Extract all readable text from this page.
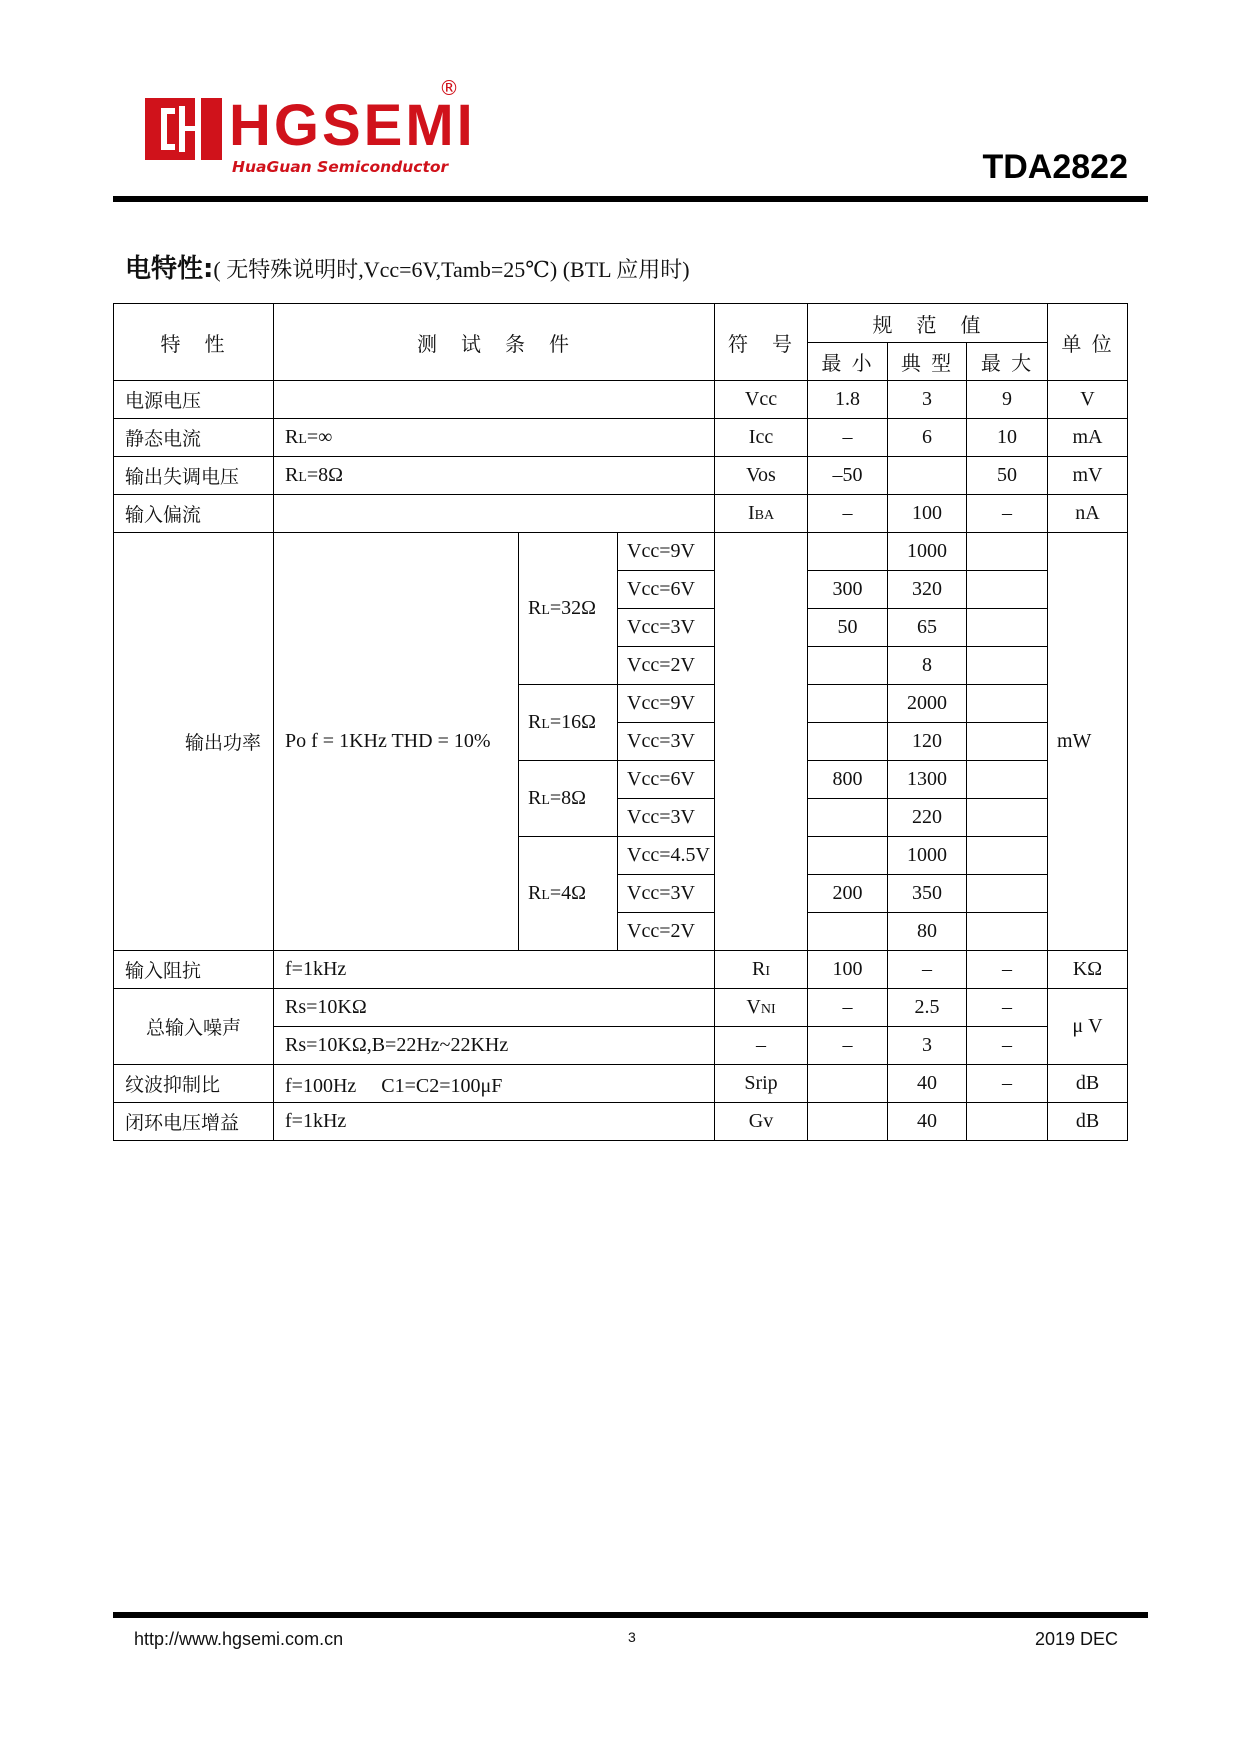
HGSEMI
HuaGuan Semiconductor
®
TDA2822
电特性:( 无特殊说明时,Vcc=6V,Tamb=25℃) (BTL 应用时)
特　性	测　试　条　件			符　号	规　范　值			单 位
					最 小	典 型	最 大	
电源电压				Vcc	1.8	3	9	V
静态电流	RL=∞			Icc	–	6	10	mA
输出失调电压	RL=8Ω			Vos	–50		50	mV
输入偏流				IBA	–	100	–	nA
输出功率	Po f = 1KHz THD = 10%	RL=32Ω	Vcc=9V			1000		mW
			Vcc=6V		300	320		
			Vcc=3V		50	65		
			Vcc=2V			8		
		RL=16Ω	Vcc=9V			2000		
			Vcc=3V			120		
		RL=8Ω	Vcc=6V		800	1300		
			Vcc=3V			220		
		RL=4Ω	Vcc=4.5V			1000		
			Vcc=3V		200	350		
			Vcc=2V			80		
输入阻抗	f=1kHz			RI	100	–	–	KΩ
总输入噪声	Rs=10KΩ			VNI	–	2.5	–	μ V
	Rs=10KΩ,B=22Hz~22KHz			–	–	3	–	
纹波抑制比	f=100Hz　 C1=C2=100μF			Srip		40	–	dB
闭环电压增益	f=1kHz			Gv		40		dB
http://www.hgsemi.com.cn	3	2019 DEC
